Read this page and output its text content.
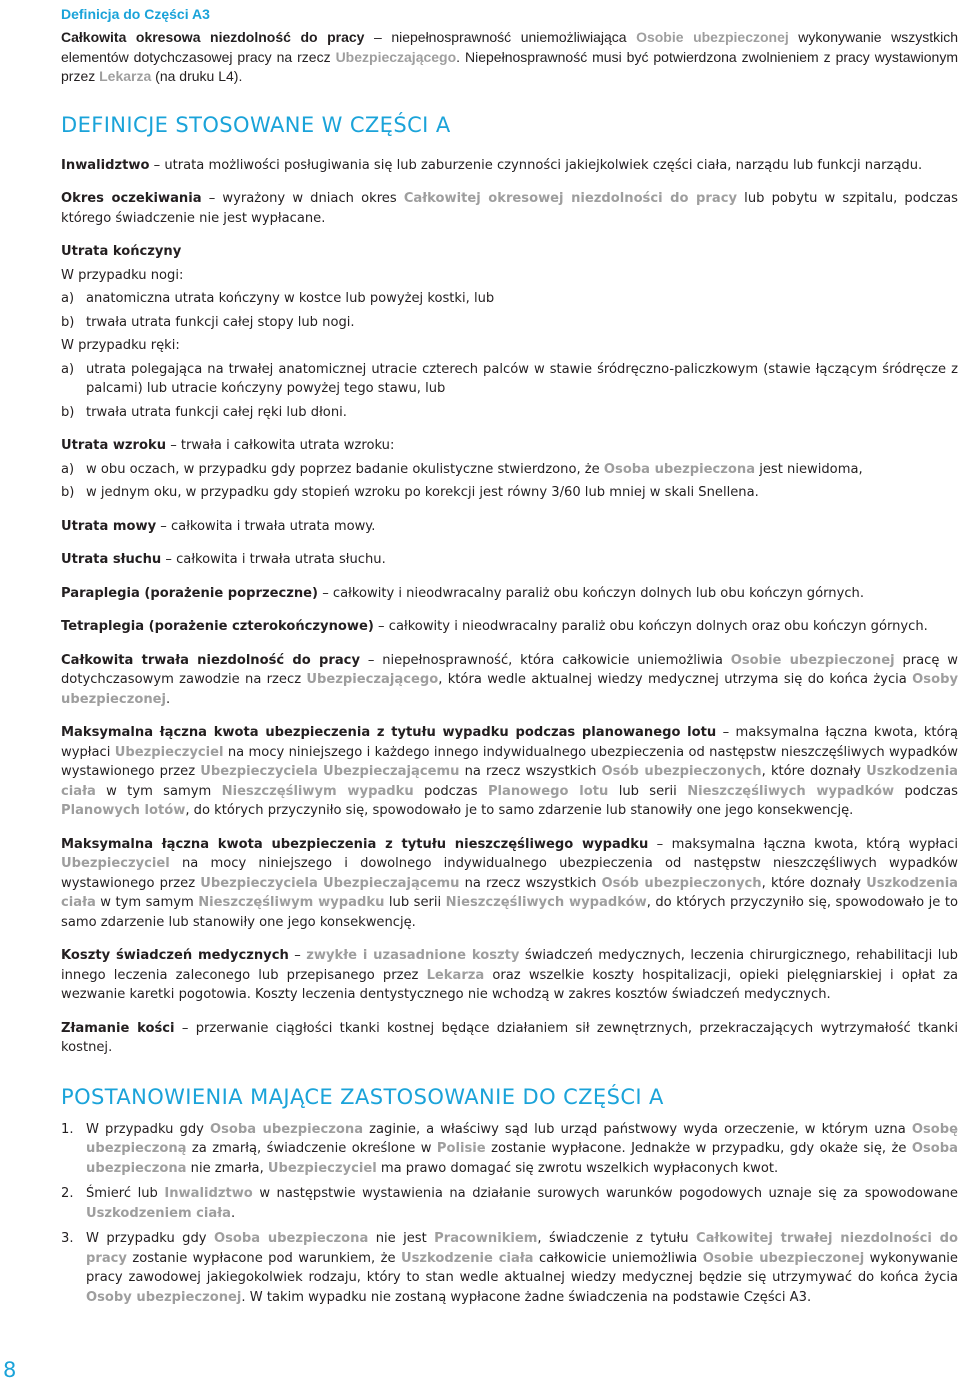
Definicja do Części A3

Całkowita okresowa niezdolność do pracy – niepełnosprawność uniemożliwiająca Osobie ubezpieczonej wykonywanie wszystkich elementów dotychczasowej pracy na rzecz Ubezpieczającego. Niepełnosprawność musi być potwierdzona zwolnieniem z pracy wystawionym przez Lekarza (na druku L4).

DEFINICJE STOSOWANE W CZĘŚCI A

Inwalidztwo – utrata możliwości posługiwania się lub zaburzenie czynności jakiejkolwiek części ciała, narządu lub funkcji narządu.

Okres oczekiwania – wyrażony w dniach okres Całkowitej okresowej niezdolności do pracy lub pobytu w szpitalu, podczas którego świadczenie nie jest wypłacane.

Utrata kończyny

W przypadku nogi:

a) anatomiczna utrata kończyny w kostce lub powyżej kostki, lub
b) trwała utrata funkcji całej stopy lub nogi.

W przypadku ręki:

a) utrata polegająca na trwałej anatomicznej utracie czterech palców w stawie śródręczno-paliczkowym (stawie łączącym śródręcze z palcami) lub utracie kończyny powyżej tego stawu, lub
b) trwała utrata funkcji całej ręki lub dłoni.

Utrata wzroku – trwała i całkowita utrata wzroku:

a) w obu oczach, w przypadku gdy poprzez badanie okulistyczne stwierdzono, że Osoba ubezpieczona jest niewidoma,
b) w jednym oku, w przypadku gdy stopień wzroku po korekcji jest równy 3/60 lub mniej w skali Snellena.

Utrata mowy – całkowita i trwała utrata mowy.

Utrata słuchu – całkowita i trwała utrata słuchu.

Paraplegia (porażenie poprzeczne) – całkowity i nieodwracalny paraliż obu kończyn dolnych lub obu kończyn górnych.

Tetraplegia (porażenie czterokończynowe) – całkowity i nieodwracalny paraliż obu kończyn dolnych oraz obu kończyn górnych.

Całkowita trwała niezdolność do pracy – niepełnosprawność, która całkowicie uniemożliwia Osobie ubezpieczonej pracę w dotychczasowym zawodzie na rzecz Ubezpieczającego, która wedle aktualnej wiedzy medycznej utrzyma się do końca życia Osoby ubezpieczonej.

Maksymalna łączna kwota ubezpieczenia z tytułu wypadku podczas planowanego lotu – maksymalna łączna kwota, którą wypłaci Ubezpieczyciel na mocy niniejszego i każdego innego indywidualnego ubezpieczenia od następstw nieszczęśliwych wypadków wystawionego przez Ubezpieczyciela Ubezpieczającemu na rzecz wszystkich Osób ubezpieczonych, które doznały Uszkodzenia ciała w tym samym Nieszczęśliwym wypadku podczas Planowego lotu lub serii Nieszczęśliwych wypadków podczas Planowych lotów, do których przyczyniło się, spowodowało je to samo zdarzenie lub stanowiły one jego konsekwencję.

Maksymalna łączna kwota ubezpieczenia z tytułu nieszczęśliwego wypadku – maksymalna łączna kwota, którą wypłaci Ubezpieczyciel na mocy niniejszego i dowolnego indywidualnego ubezpieczenia od następstw nieszczęśliwych wypadków wystawionego przez Ubezpieczyciela Ubezpieczającemu na rzecz wszystkich Osób ubezpieczonych, które doznały Uszkodzenia ciała w tym samym Nieszczęśliwym wypadku lub serii Nieszczęśliwych wypadków, do których przyczyniło się, spowodowało je to samo zdarzenie lub stanowiły one jego konsekwencję.

Koszty świadczeń medycznych – zwykłe i uzasadnione koszty świadczeń medycznych, leczenia chirurgicznego, rehabilitacji lub innego leczenia zaleconego lub przepisanego przez Lekarza oraz wszelkie koszty hospitalizacji, opieki pielęgniarskiej i opłat za wezwanie karetki pogotowia. Koszty leczenia dentystycznego nie wchodzą w zakres kosztów świadczeń medycznych.

Złamanie kości – przerwanie ciągłości tkanki kostnej będące działaniem sił zewnętrznych, przekraczających wytrzymałość tkanki kostnej.

POSTANOWIENIA MAJĄCE ZASTOSOWANIE DO CZĘŚCI A
1. W przypadku gdy Osoba ubezpieczona zaginie, a właściwy sąd lub urząd państwowy wyda orzeczenie, w którym uzna Osobę ubezpieczoną za zmarłą, świadczenie określone w Polisie zostanie wypłacone. Jednakże w przypadku, gdy okaże się, że Osoba ubezpieczona nie zmarła, Ubezpieczyciel ma prawo domagać się zwrotu wszelkich wypłaconych kwot.
2. Śmierć lub Inwalidztwo w następstwie wystawienia na działanie surowych warunków pogodowych uznaje się za spowodowane Uszkodzeniem ciała.
3. W przypadku gdy Osoba ubezpieczona nie jest Pracownikiem, świadczenie z tytułu Całkowitej trwałej niezdolności do pracy zostanie wypłacone pod warunkiem, że Uszkodzenie ciała całkowicie uniemożliwia Osobie ubezpieczonej wykonywanie pracy zawodowej jakiegokolwiek rodzaju, który to stan wedle aktualnej wiedzy medycznej będzie się utrzymywać do końca życia Osoby ubezpieczonej. W takim wypadku nie zostaną wypłacone żadne świadczenia na podstawie Części A3.
8
